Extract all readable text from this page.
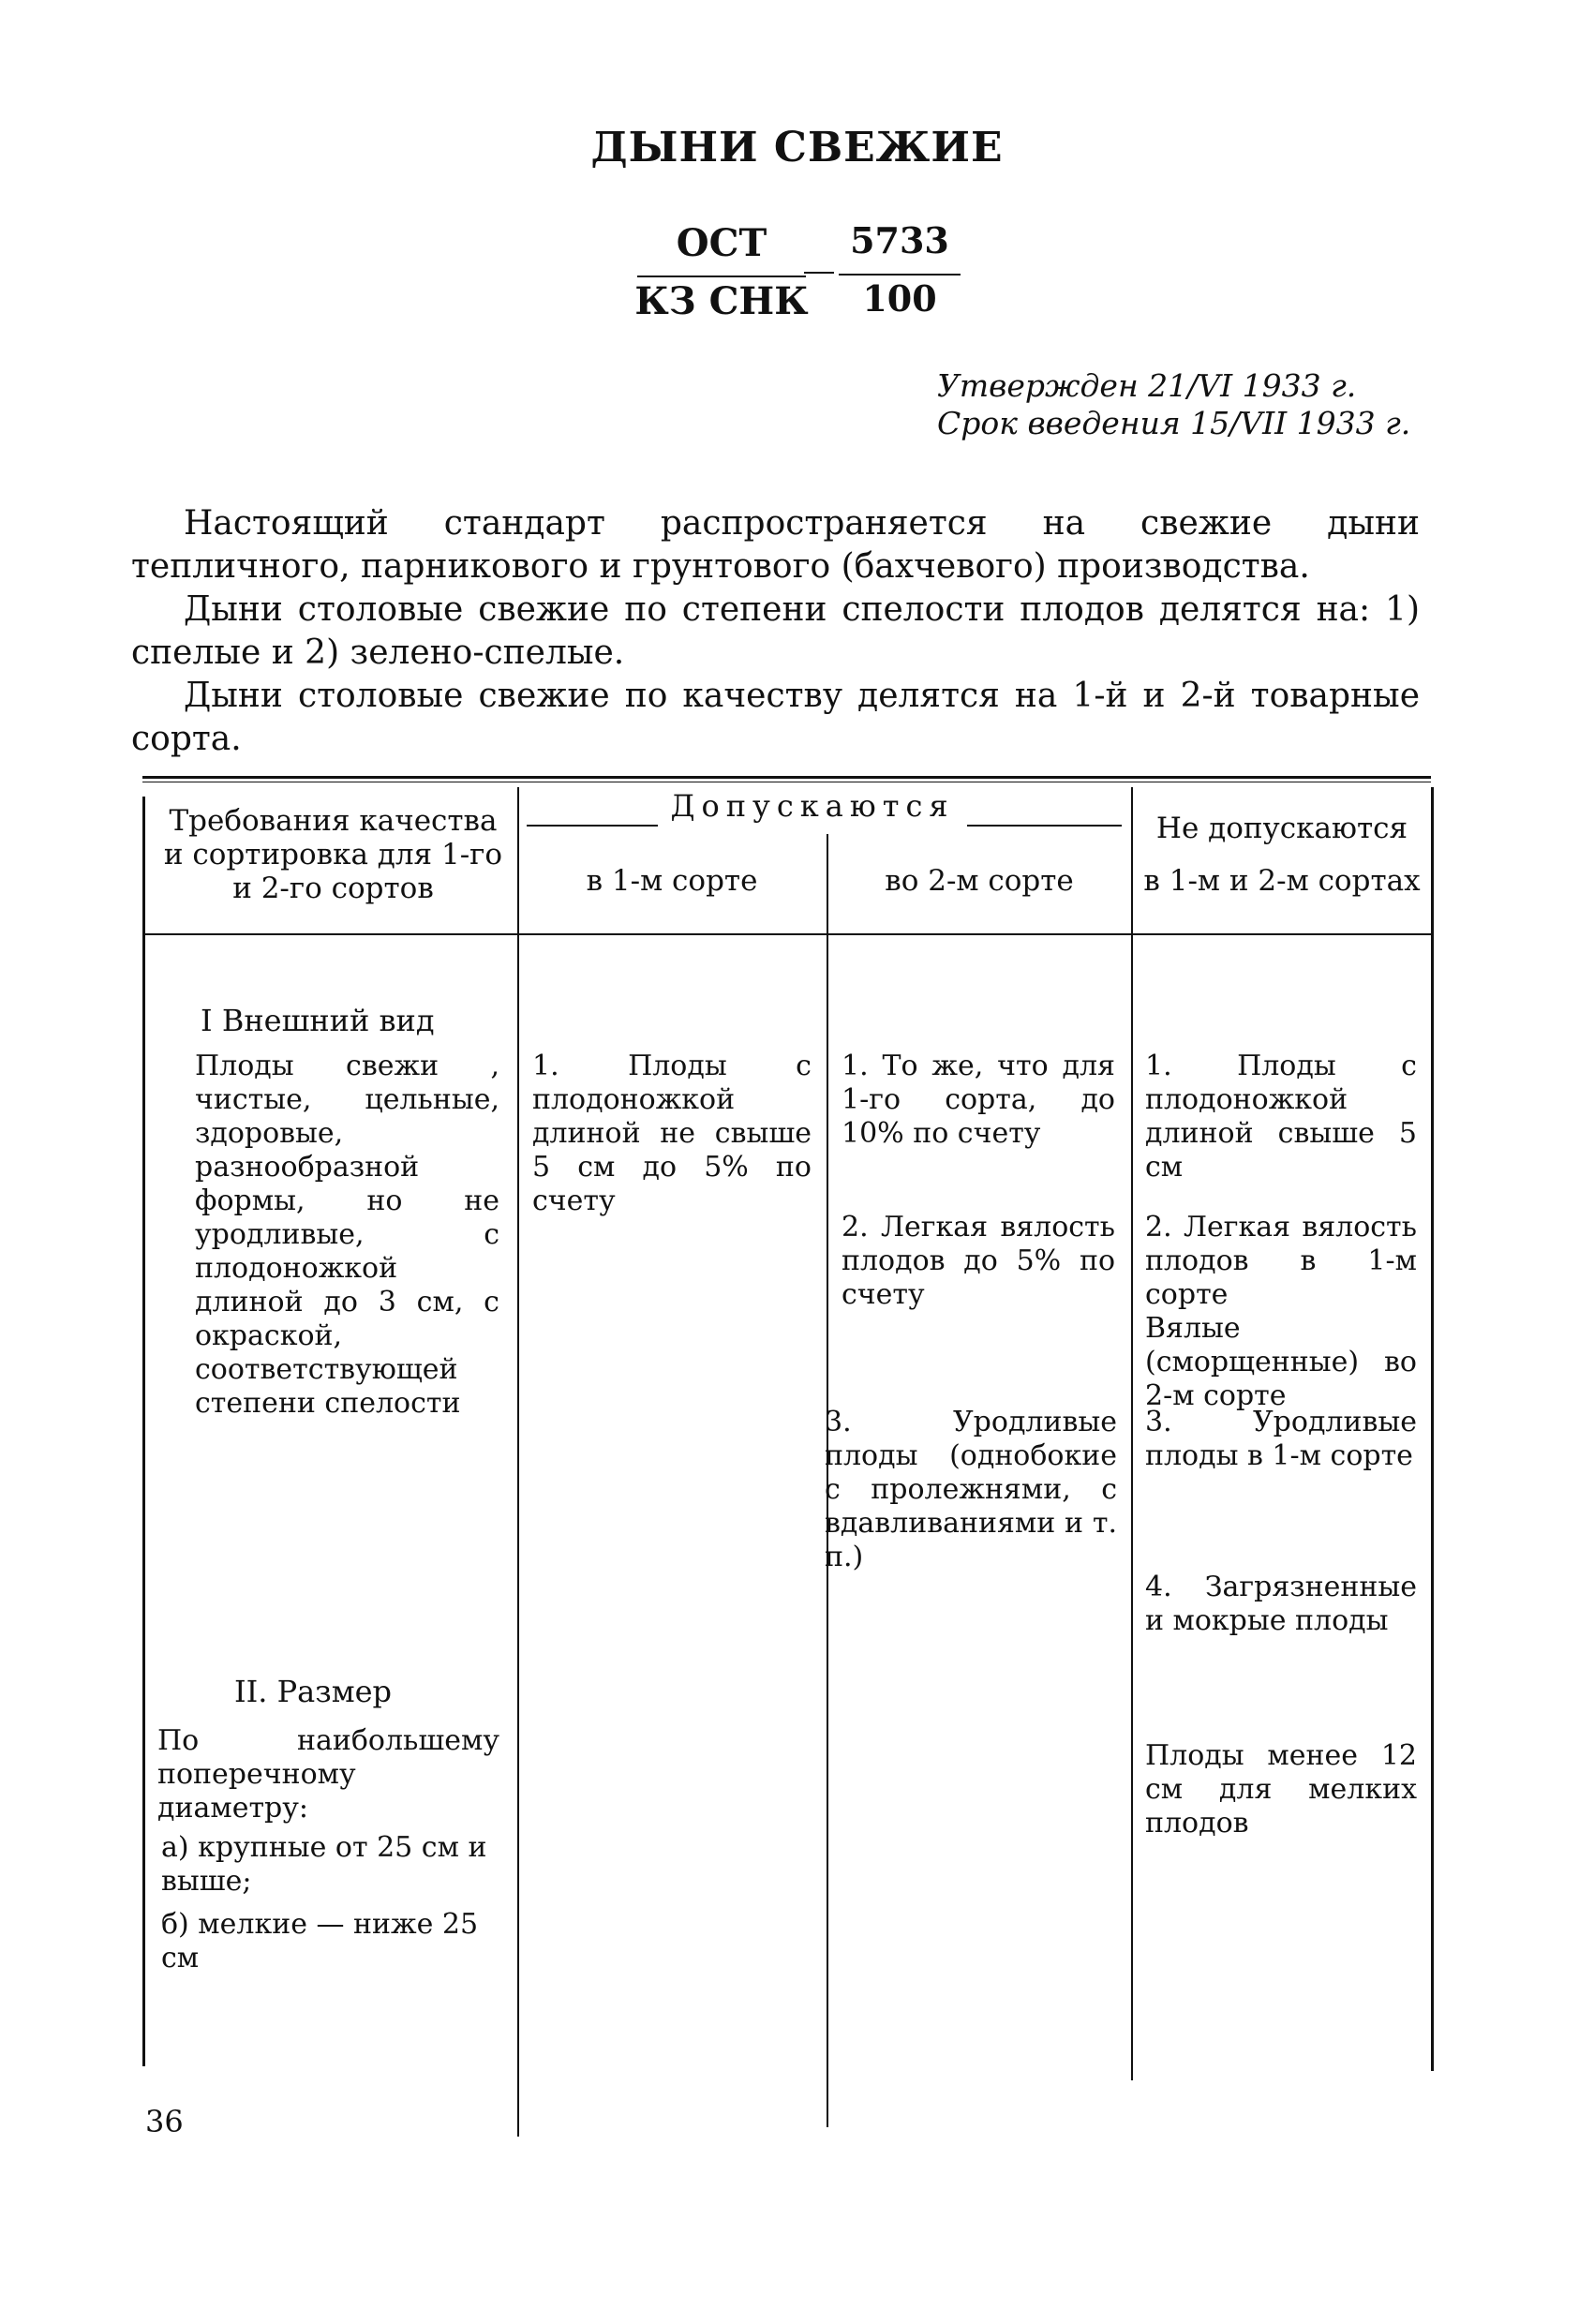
ДЫНИ СВЕЖИЕ
ОСТ
КЗ СНК
5733
100
Утвержден 21/VI 1933 г.
Срок введения 15/VII 1933 г.
Настоящий стандарт распространяется на свежие дыни тепличного, парникового и грунтового (бахчевого) производства.
Дыни столовые свежие по степени спелости плодов делятся на: 1) спелые и 2) зелено-спелые.
Дыни столовые свежие по качеству делятся на 1-й и 2-й товарные сорта.
Требования качества и сортировка для 1-го и 2-го сортов
Допускаются
в 1-м сорте	во 2-м сорте
Не допускаются
в 1-м и 2-м сортах
I Внешний вид
Плоды свежи , чистые, цельные, здоровые, разнообразной формы, но не уродливые, с плодоножкой длиной до 3 см, с окраской, соответствующей степени спелости
1. Плоды с плодоножкой длиной не свыше 5 см до 5% по счету
1. То же, что для 1-го сорта, до 10% по счету
2. Легкая вялость плодов до 5% по счету
3. Уродливые плоды (однобокие с пролежнями, с вдавливаниями и т. п.)
1. Плоды с плодоножкой длиной свыше 5 см
2. Легкая вялость плодов в 1-м сорте
Вялые (сморщенные) во 2-м сорте
3. Уродливые плоды в 1-м сорте
4. Загрязненные и мокрые плоды
II. Размер
По наибольшему поперечному диаметру:
а) крупные от 25 см и выше;
б) мелкие — ниже 25 см
Плоды менее 12 см для мелких плодов
36
